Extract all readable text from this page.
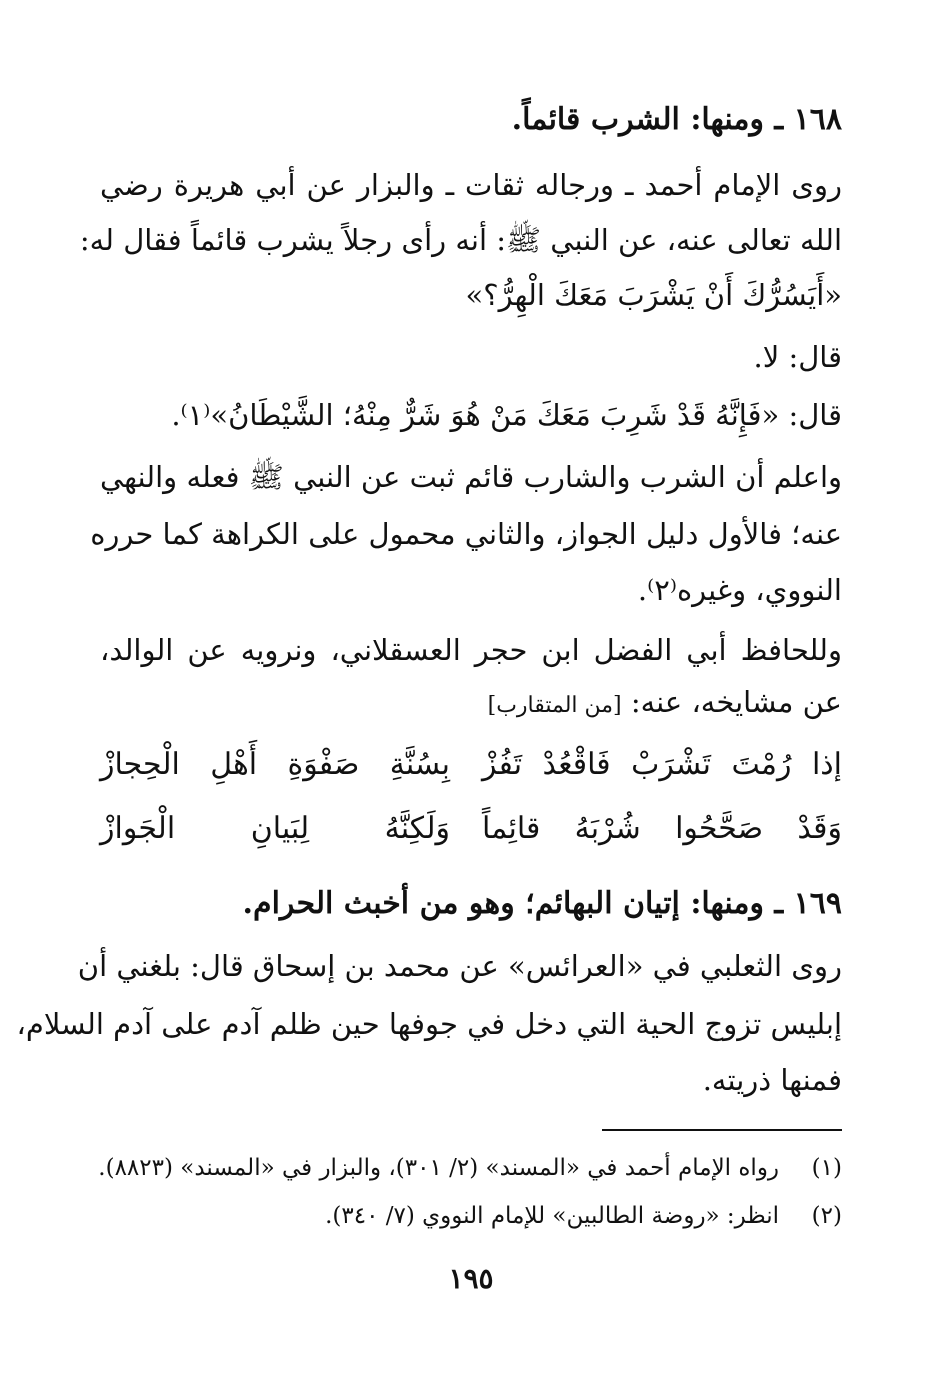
١٦٨ ـ ومنها: الشرب قائماً.
روى الإمام أحمد ـ ورجاله ثقات ـ والبزار عن أبي هريرة رضي
الله تعالى عنه، عن النبي ﷺ: أنه رأى رجلاً يشرب قائماً فقال له:
«أَيَسُرُّكَ أَنْ يَشْرَبَ مَعَكَ الْهِرُّ؟»
قال: لا.
قال: «فَإِنَّهُ قَدْ شَرِبَ مَعَكَ مَنْ هُوَ شَرٌّ مِنْهُ؛ الشَّيْطَانُ»⁽١⁾.
واعلم أن الشرب والشارب قائم ثبت عن النبي ﷺ فعله والنهي
عنه؛ فالأول دليل الجواز، والثاني محمول على الكراهة كما حرره
النووي، وغيره⁽٢⁾.
وللحافظ أبي الفضل ابن حجر العسقلاني، ونرويه عن الوالد،
عن مشايخه، عنه: [من المتقارب]
إذا رُمْتَ تَشْرَبْ فَاقْعُدْ تَفُزْ
بِسُنَّةِ صَفْوَةِ أَهْلِ الْحِجازْ
وَقَدْ صَحَّحُوا شُرْبَهُ قائِماً
وَلَكِنَّهُ لِبَيانِ الْجَوازْ
١٦٩ ـ ومنها: إتيان البهائم؛ وهو من أخبث الحرام.
روى الثعلبي في «العرائس» عن محمد بن إسحاق قال: بلغني أن
إبليس تزوج الحية التي دخل في جوفها حين ظلم آدم على آدم السلام،
فمنها ذريته.
(١)  رواه الإمام أحمد في «المسند» (٢/ ٣٠١)، والبزار في «المسند» (٨٨٢٣).
(٢)  انظر: «روضة الطالبين» للإمام النووي (٧/ ٣٤٠).
١٩٥
